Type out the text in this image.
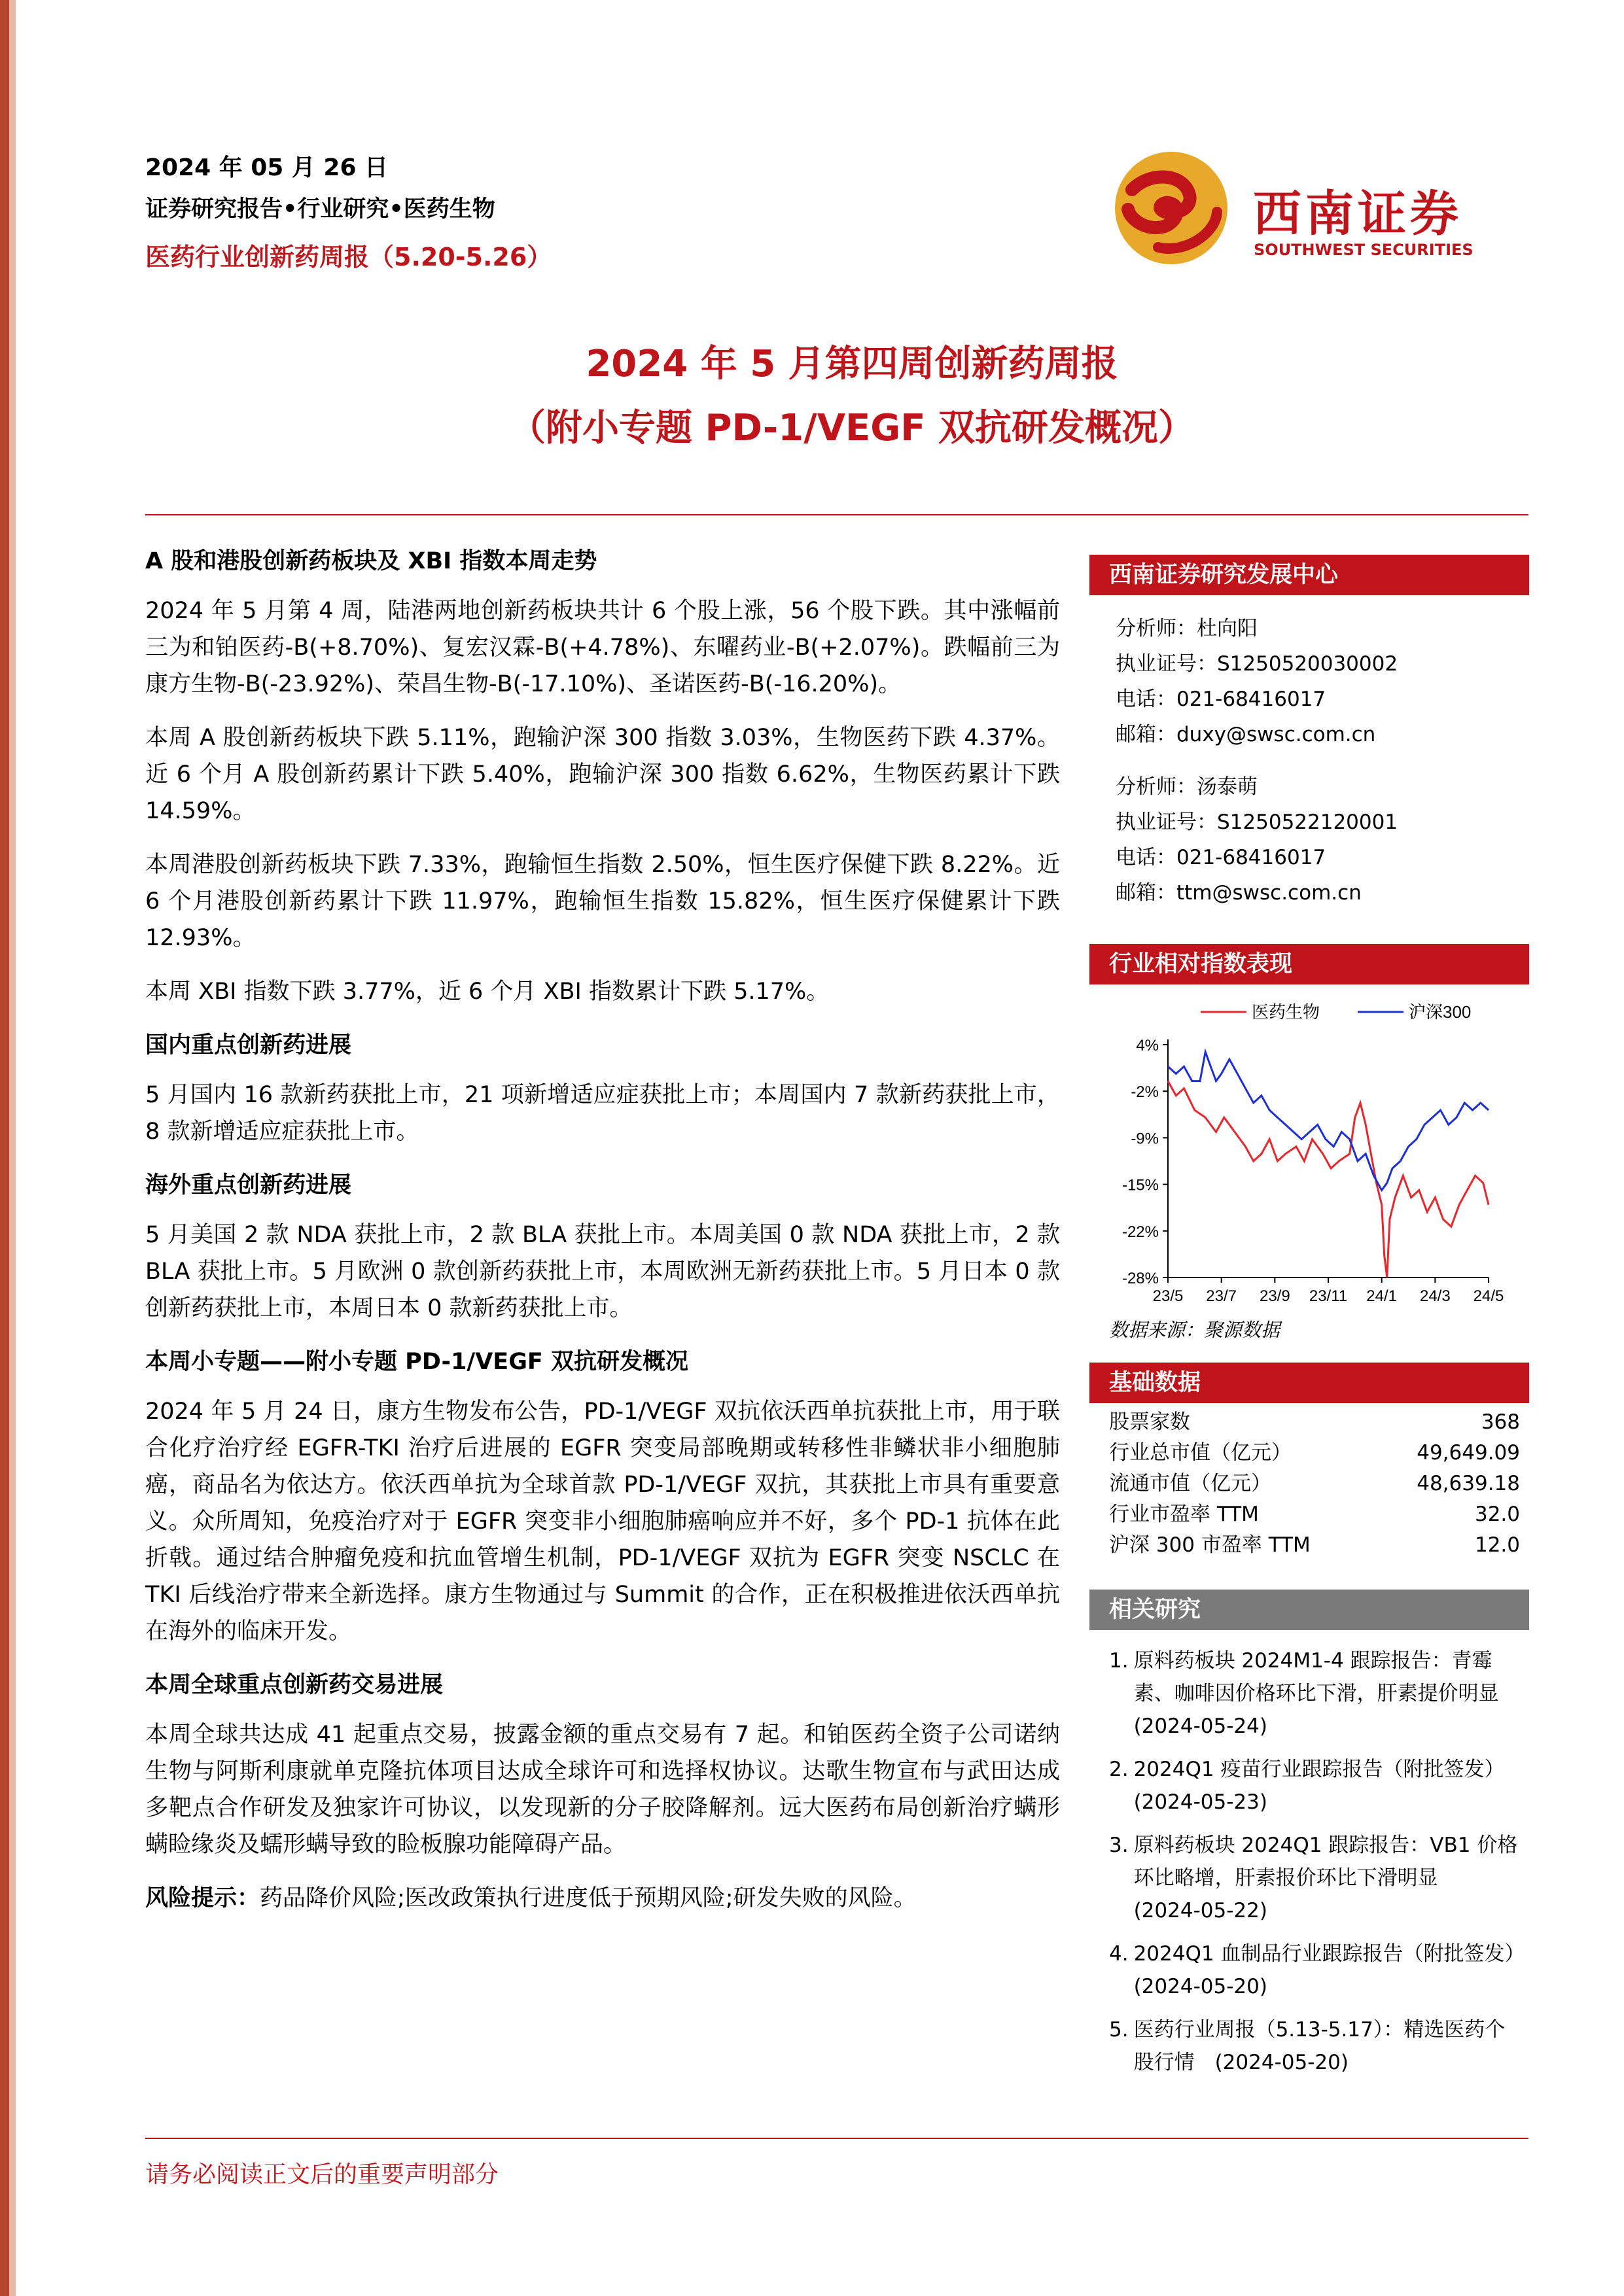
2024 年 05 月 26 日
证券研究报告•行业研究•医药生物
医药行业创新药周报（5.20-5.26）
西南证券
SOUTHWEST SECURITIES
2024 年 5 月第四周创新药周报
（附小专题 PD-1/VEGF 双抗研发概况）
A 股和港股创新药板块及 XBI 指数本周走势

2024 年 5 月第 4 周，陆港两地创新药板块共计 6 个股上涨，56 个股下跌。其中涨幅前三为和铂医药-B(+8.70%)、复宏汉霖-B(+4.78%)、东曜药业-B(+2.07%)。跌幅前三为康方生物-B(-23.92%)、荣昌生物-B(-17.10%)、圣诺医药-B(-16.20%)。

本周 A 股创新药板块下跌 5.11%，跑输沪深 300 指数 3.03%，生物医药下跌 4.37%。近 6 个月 A 股创新药累计下跌 5.40%，跑输沪深 300 指数 6.62%，生物医药累计下跌 14.59%。

本周港股创新药板块下跌 7.33%，跑输恒生指数 2.50%，恒生医疗保健下跌 8.22%。近 6 个月港股创新药累计下跌 11.97%，跑输恒生指数 15.82%，恒生医疗保健累计下跌 12.93%。

本周 XBI 指数下跌 3.77%，近 6 个月 XBI 指数累计下跌 5.17%。

国内重点创新药进展

5 月国内 16 款新药获批上市，21 项新增适应症获批上市；本周国内 7 款新药获批上市，8 款新增适应症获批上市。

海外重点创新药进展

5 月美国 2 款 NDA 获批上市，2 款 BLA 获批上市。本周美国 0 款 NDA 获批上市，2 款 BLA 获批上市。5 月欧洲 0 款创新药获批上市，本周欧洲无新药获批上市。5 月日本 0 款创新药获批上市，本周日本 0 款新药获批上市。

本周小专题——附小专题 PD-1/VEGF 双抗研发概况

2024 年 5 月 24 日，康方生物发布公告，PD-1/VEGF 双抗依沃西单抗获批上市，用于联合化疗治疗经 EGFR-TKI 治疗后进展的 EGFR 突变局部晚期或转移性非鳞状非小细胞肺癌，商品名为依达方。依沃西单抗为全球首款 PD-1/VEGF 双抗，其获批上市具有重要意义。众所周知，免疫治疗对于 EGFR 突变非小细胞肺癌响应并不好，多个 PD-1 抗体在此折戟。通过结合肿瘤免疫和抗血管增生机制，PD-1/VEGF 双抗为 EGFR 突变 NSCLC 在 TKI 后线治疗带来全新选择。康方生物通过与 Summit 的合作，正在积极推进依沃西单抗在海外的临床开发。

本周全球重点创新药交易进展

本周全球共达成 41 起重点交易，披露金额的重点交易有 7 起。和铂医药全资子公司诺纳生物与阿斯利康就单克隆抗体项目达成全球许可和选择权协议。达歌生物宣布与武田达成多靶点合作研发及独家许可协议，以发现新的分子胶降解剂。远大医药布局创新治疗螨形螨睑缘炎及蠕形螨导致的睑板腺功能障碍产品。

风险提示：药品降价风险;医改政策执行进度低于预期风险;研发失败的风险。

西南证券研究发展中心
分析师：杜向阳
执业证号：S1250520030002
电话：021-68416017
邮箱：duxy@swsc.com.cn
分析师：汤泰萌
执业证号：S1250522120001
电话：021-68416017
邮箱：ttm@swsc.com.cn
行业相对指数表现
4%
-2%
-9%
-15%
-22%
-28%
23/5 23/7 23/9 23/11 24/1 24/3 24/5
医药生物	沪深300
数据来源：聚源数据
基础数据
股票家数	368
行业总市值（亿元）	49,649.09
流通市值（亿元）	48,639.18
行业市盈率 TTM	32.0
沪深 300 市盈率 TTM	12.0
相关研究
1. 原料药板块 2024M1-4 跟踪报告：青霉素、咖啡因价格环比下滑，肝素提价明显　(2024-05-24)
2. 2024Q1 疫苗行业跟踪报告（附批签发）　(2024-05-23)
3. 原料药板块 2024Q1 跟踪报告：VB1 价格环比略增，肝素报价环比下滑明显　(2024-05-22)
4. 2024Q1 血制品行业跟踪报告（附批签发）　(2024-05-20)
5. 医药行业周报（5.13-5.17）：精选医药个股行情　(2024-05-20)
请务必阅读正文后的重要声明部分
